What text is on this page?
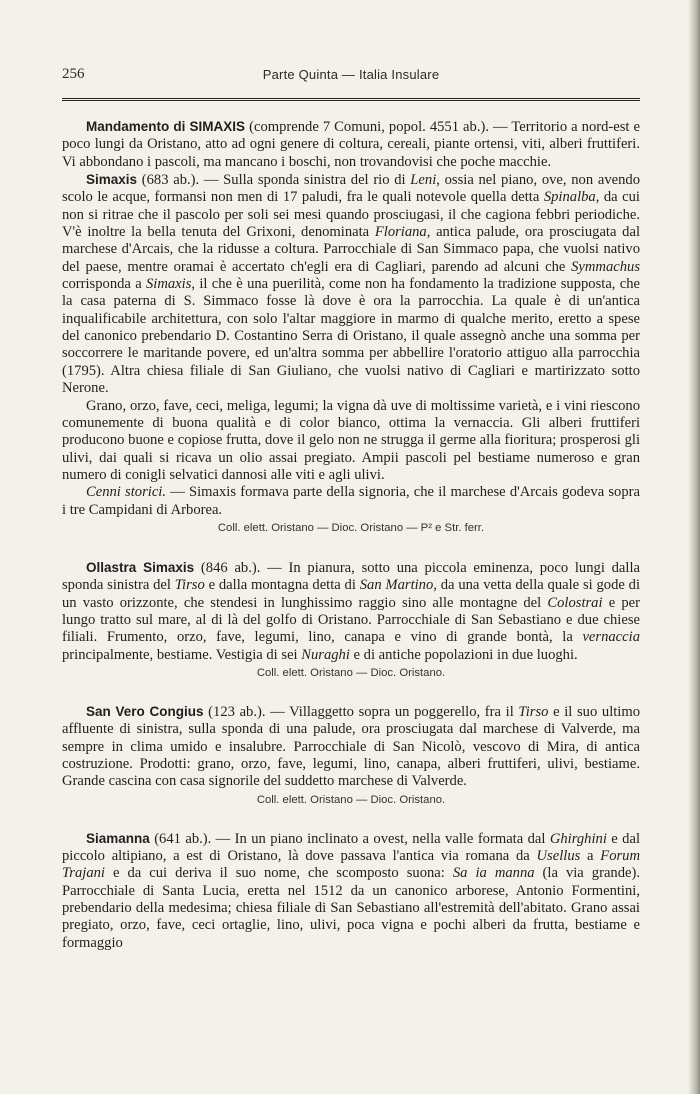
256	Parte Quinta — Italia Insulare

Mandamento di SIMAXIS (comprende 7 Comuni, popol. 4551 ab.). — Territorio a nord-est e poco lungi da Oristano, atto ad ogni genere di coltura, cereali, piante ortensi, viti, alberi fruttiferi. Vi abbondano i pascoli, ma mancano i boschi, non trovandovisi che poche macchie.

Simaxis (683 ab.). — Sulla sponda sinistra del rio di Leni, ossia nel piano, ove, non avendo scolo le acque, formansi non men di 17 paludi, fra le quali notevole quella detta Spinalba, da cui non si ritrae che il pascolo per soli sei mesi quando prosciugasi, il che cagiona febbri periodiche. V'è inoltre la bella tenuta del Grixoni, denominata Floriana, antica palude, ora prosciugata dal marchese d'Arcais, che la ridusse a coltura. Parrocchiale di San Simmaco papa, che vuolsi nativo del paese, mentre oramai è accertato ch'egli era di Cagliari, parendo ad alcuni che Symmachus corrisponda a Simaxis, il che è una puerilità, come non ha fondamento la tradizione supposta, che la casa paterna di S. Simmaco fosse là dove è ora la parrocchia. La quale è di un'antica inqualificabile architettura, con solo l'altar maggiore in marmo di qualche merito, eretto a spese del canonico prebendario D. Costantino Serra di Oristano, il quale assegnò anche una somma per soccorrere le maritande povere, ed un'altra somma per abbellire l'oratorio attiguo alla parrocchia (1795). Altra chiesa filiale di San Giuliano, che vuolsi nativo di Cagliari e martirizzato sotto Nerone.

Grano, orzo, fave, ceci, meliga, legumi; la vigna dà uve di moltissime varietà, e i vini riescono comunemente di buona qualità e di color bianco, ottima la vernaccia. Gli alberi fruttiferi producono buone e copiose frutta, dove il gelo non ne strugga il germe alla fioritura; prosperosi gli ulivi, dai quali si ricava un olio assai pregiato. Ampii pascoli pel bestiame numeroso e gran numero di conigli selvatici dannosi alle viti e agli ulivi.

Cenni storici. — Simaxis formava parte della signoria, che il marchese d'Arcais godeva sopra i tre Campidani di Arborea.

Coll. elett. Oristano — Dioc. Oristano — P² e Str. ferr.

Ollastra Simaxis (846 ab.). — In pianura, sotto una piccola eminenza, poco lungi dalla sponda sinistra del Tirso e dalla montagna detta di San Martino, da una vetta della quale si gode di un vasto orizzonte, che stendesi in lunghissimo raggio sino alle montagne del Colostrai e per lungo tratto sul mare, al di là del golfo di Oristano. Parrocchiale di San Sebastiano e due chiese filiali. Frumento, orzo, fave, legumi, lino, canapa e vino di grande bontà, la vernaccia principalmente, bestiame. Vestigia di sei Nuraghi e di antiche popolazioni in due luoghi.

Coll. elett. Oristano — Dioc. Oristano.

San Vero Congius (123 ab.). — Villaggetto sopra un poggerello, fra il Tirso e il suo ultimo affluente di sinistra, sulla sponda di una palude, ora prosciugata dal marchese di Valverde, ma sempre in clima umido e insalubre. Parrocchiale di San Nicolò, vescovo di Mira, di antica costruzione. Prodotti: grano, orzo, fave, legumi, lino, canapa, alberi fruttiferi, ulivi, bestiame. Grande cascina con casa signorile del suddetto marchese di Valverde.

Coll. elett. Oristano — Dioc. Oristano.

Siamanna (641 ab.). — In un piano inclinato a ovest, nella valle formata dal Ghirghini e dal piccolo altipiano, a est di Oristano, là dove passava l'antica via romana da Usellus a Forum Trajani e da cui deriva il suo nome, che scomposto suona: Sa ia manna (la via grande). Parrocchiale di Santa Lucia, eretta nel 1512 da un canonico arborese, Antonio Formentini, prebendario della medesima; chiesa filiale di San Sebastiano all'estremità dell'abitato. Grano assai pregiato, orzo, fave, ceci ortaglie, lino, ulivi, poca vigna e pochi alberi da frutta, bestiame e formaggio
